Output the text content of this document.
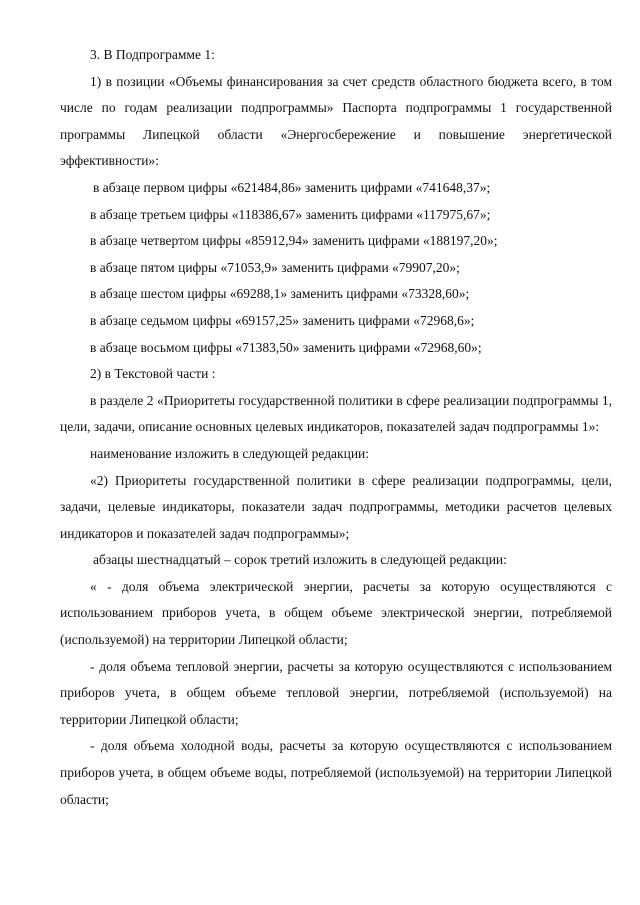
3. В Подпрограмме 1:

1) в позиции «Объемы финансирования за счет средств областного бюджета всего, в том числе по годам реализации подпрограммы» Паспорта подпрограммы 1 государственной программы Липецкой области «Энергосбережение и повышение энергетической эффективности»:

в абзаце первом цифры «621484,86» заменить цифрами «741648,37»;

в абзаце третьем цифры «118386,67» заменить цифрами «117975,67»;

в абзаце четвертом цифры «85912,94» заменить цифрами «188197,20»;

в абзаце пятом цифры «71053,9» заменить цифрами «79907,20»;

в абзаце шестом цифры «69288,1» заменить цифрами «73328,60»;

в абзаце седьмом цифры «69157,25» заменить цифрами «72968,6»;

в абзаце восьмом цифры «71383,50» заменить цифрами «72968,60»;

2) в Текстовой части :

в разделе 2 «Приоритеты государственной политики в сфере реализации подпрограммы 1, цели, задачи, описание основных целевых индикаторов, показателей задач подпрограммы 1»:

наименование изложить в следующей редакции:

«2) Приоритеты государственной политики в сфере реализации подпрограммы, цели, задачи, целевые индикаторы, показатели задач подпрограммы, методики расчетов целевых индикаторов и показателей задач подпрограммы»;

абзацы шестнадцатый – сорок третий изложить в следующей редакции:

« - доля объема электрической энергии, расчеты за которую осуществляются с использованием приборов учета, в общем объеме электрической энергии, потребляемой (используемой) на территории Липецкой области;

- доля объема тепловой энергии, расчеты за которую осуществляются с использованием приборов учета, в общем объеме тепловой энергии, потребляемой (используемой) на территории Липецкой области;

- доля объема холодной воды, расчеты за которую осуществляются с использованием приборов учета, в общем объеме воды, потребляемой (используемой) на территории Липецкой области;
